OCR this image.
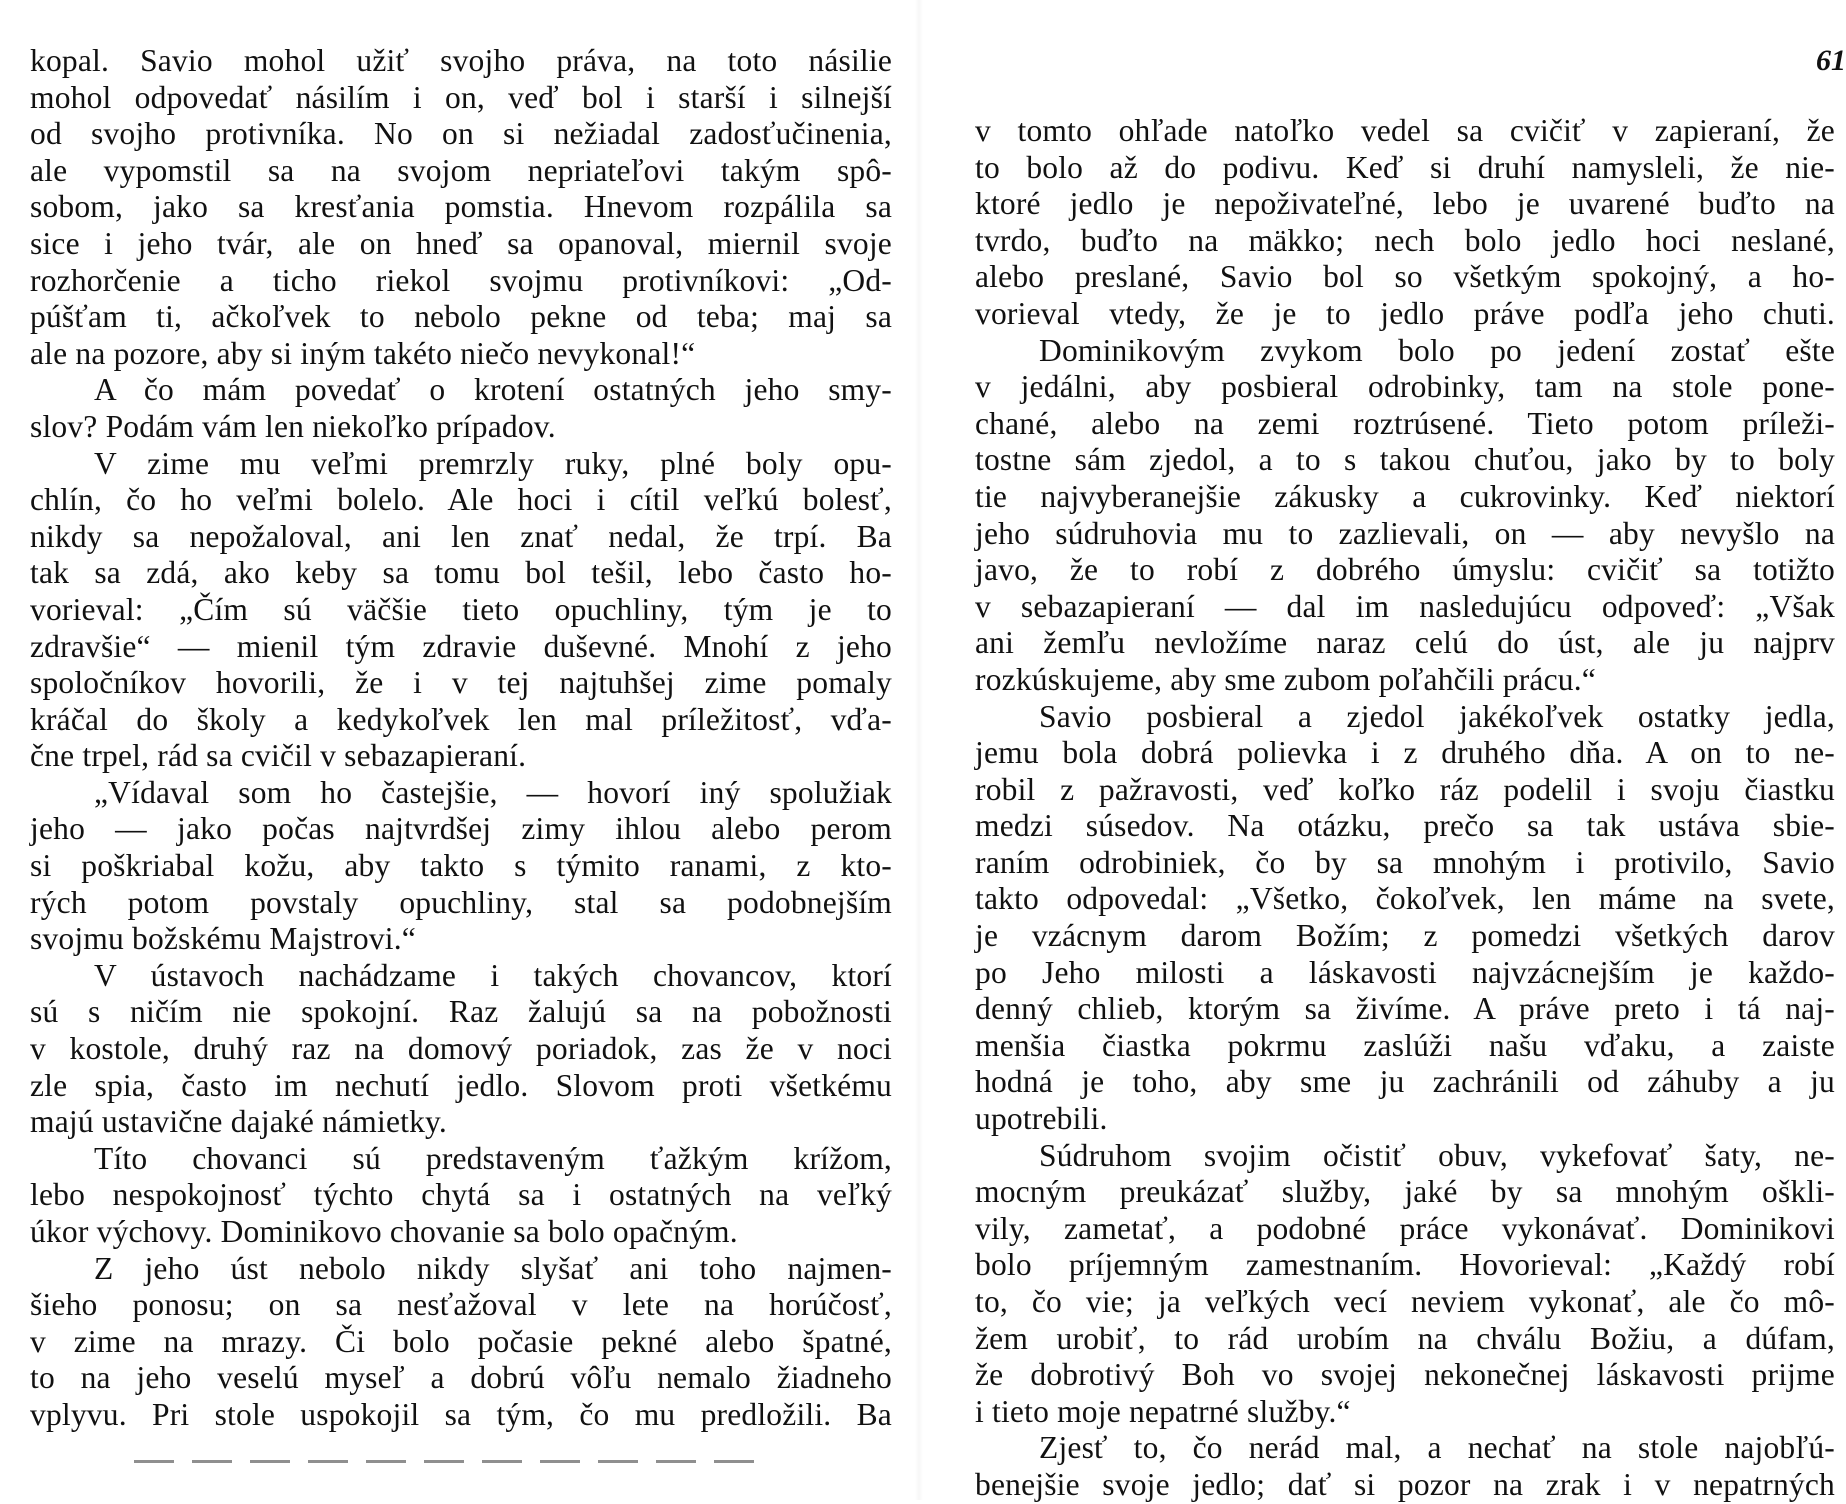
kopal. Savio mohol užiť svojho práva, na toto násilie
mohol odpovedať násilím i on, veď bol i starší i silnejší
od svojho protivníka. No on si nežiadal zadosťučinenia,
ale vypomstil sa na svojom nepriateľovi takým spô-
sobom, jako sa kresťania pomstia. Hnevom rozpálila sa
sice i jeho tvár, ale on hneď sa opanoval, miernil svoje
rozhorčenie a ticho riekol svojmu protivníkovi: „Od-
púšťam ti, ačkoľvek to nebolo pekne od teba; maj sa
ale na pozore, aby si iným takéto niečo nevykonal!“
A čo mám povedať o krotení ostatných jeho smy-
slov? Podám vám len niekoľko prípadov.
V zime mu veľmi premrzly ruky, plné boly opu-
chlín, čo ho veľmi bolelo. Ale hoci i cítil veľkú bolesť,
nikdy sa nepožaloval, ani len znať nedal, že trpí. Ba
tak sa zdá, ako keby sa tomu bol tešil, lebo často ho-
vorieval: „Čím sú väčšie tieto opuchliny, tým je to
zdravšie“ — mienil tým zdravie duševné. Mnohí z jeho
spoločníkov hovorili, že i v tej najtuhšej zime pomaly
kráčal do školy a kedykoľvek len mal príležitosť, vďa-
čne trpel, rád sa cvičil v sebazapieraní.
„Vídaval som ho častejšie, — hovorí iný spolužiak
jeho — jako počas najtvrdšej zimy ihlou alebo perom
si poškriabal kožu, aby takto s týmito ranami, z kto-
rých potom povstaly opuchliny, stal sa podobnejším
svojmu božskému Majstrovi.“
V ústavoch nachádzame i takých chovancov, ktorí
sú s ničím nie spokojní. Raz žalujú sa na pobožnosti
v kostole, druhý raz na domový poriadok, zas že v noci
zle spia, často im nechutí jedlo. Slovom proti všetkému
majú ustavične dajaké námietky.
Títo chovanci sú predstaveným ťažkým krížom,
lebo nespokojnosť týchto chytá sa i ostatných na veľký
úkor výchovy. Dominikovo chovanie sa bolo opačným.
Z jeho úst nebolo nikdy slyšať ani toho najmen-
šieho ponosu; on sa nesťažoval v lete na horúčosť,
v zime na mrazy. Či bolo počasie pekné alebo špatné,
to na jeho veselú myseľ a dobrú vôľu nemalo žiadneho
vplyvu. Pri stole uspokojil sa tým, čo mu predložili. Ba
61
v tomto ohľade natoľko vedel sa cvičiť v zapieraní, že
to bolo až do podivu. Keď si druhí namysleli, že nie-
ktoré jedlo je nepoživateľné, lebo je uvarené buďto na
tvrdo, buďto na mäkko; nech bolo jedlo hoci neslané,
alebo preslané, Savio bol so všetkým spokojný, a ho-
vorieval vtedy, že je to jedlo práve podľa jeho chuti.
Dominikovým zvykom bolo po jedení zostať ešte
v jedálni, aby posbieral odrobinky, tam na stole pone-
chané, alebo na zemi roztrúsené. Tieto potom príleži-
tostne sám zjedol, a to s takou chuťou, jako by to boly
tie najvyberanejšie zákusky a cukrovinky. Keď niektorí
jeho súdruhovia mu to zazlievali, on — aby nevyšlo na
javo, že to robí z dobrého úmyslu: cvičiť sa totižto
v sebazapieraní — dal im nasledujúcu odpoveď: „Však
ani žemľu nevložíme naraz celú do úst, ale ju najprv
rozkúskujeme, aby sme zubom poľahčili prácu.“
Savio posbieral a zjedol jakékoľvek ostatky jedla,
jemu bola dobrá polievka i z druhého dňa. A on to ne-
robil z pažravosti, veď koľko ráz podelil i svoju čiastku
medzi súsedov. Na otázku, prečo sa tak ustáva sbie-
raním odrobiniek, čo by sa mnohým i protivilo, Savio
takto odpovedal: „Všetko, čokoľvek, len máme na svete,
je vzácnym darom Božím; z pomedzi všetkých darov
po Jeho milosti a láskavosti najvzácnejším je každo-
denný chlieb, ktorým sa živíme. A práve preto i tá naj-
menšia čiastka pokrmu zaslúži našu vďaku, a zaiste
hodná je toho, aby sme ju zachránili od záhuby a ju
upotrebili.
Súdruhom svojim očistiť obuv, vykefovať šaty, ne-
mocným preukázať služby, jaké by sa mnohým oškli-
vily, zametať, a podobné práce vykonávať. Dominikovi
bolo príjemným zamestnaním. Hovorieval: „Každý robí
to, čo vie; ja veľkých vecí neviem vykonať, ale čo mô-
žem urobiť, to rád urobím na chválu Božiu, a dúfam,
že dobrotivý Boh vo svojej nekonečnej láskavosti prijme
i tieto moje nepatrné služby.“
Zjesť to, čo nerád mal, a nechať na stole najobľú-
benejšie svoje jedlo; dať si pozor na zrak i v nepatrných
